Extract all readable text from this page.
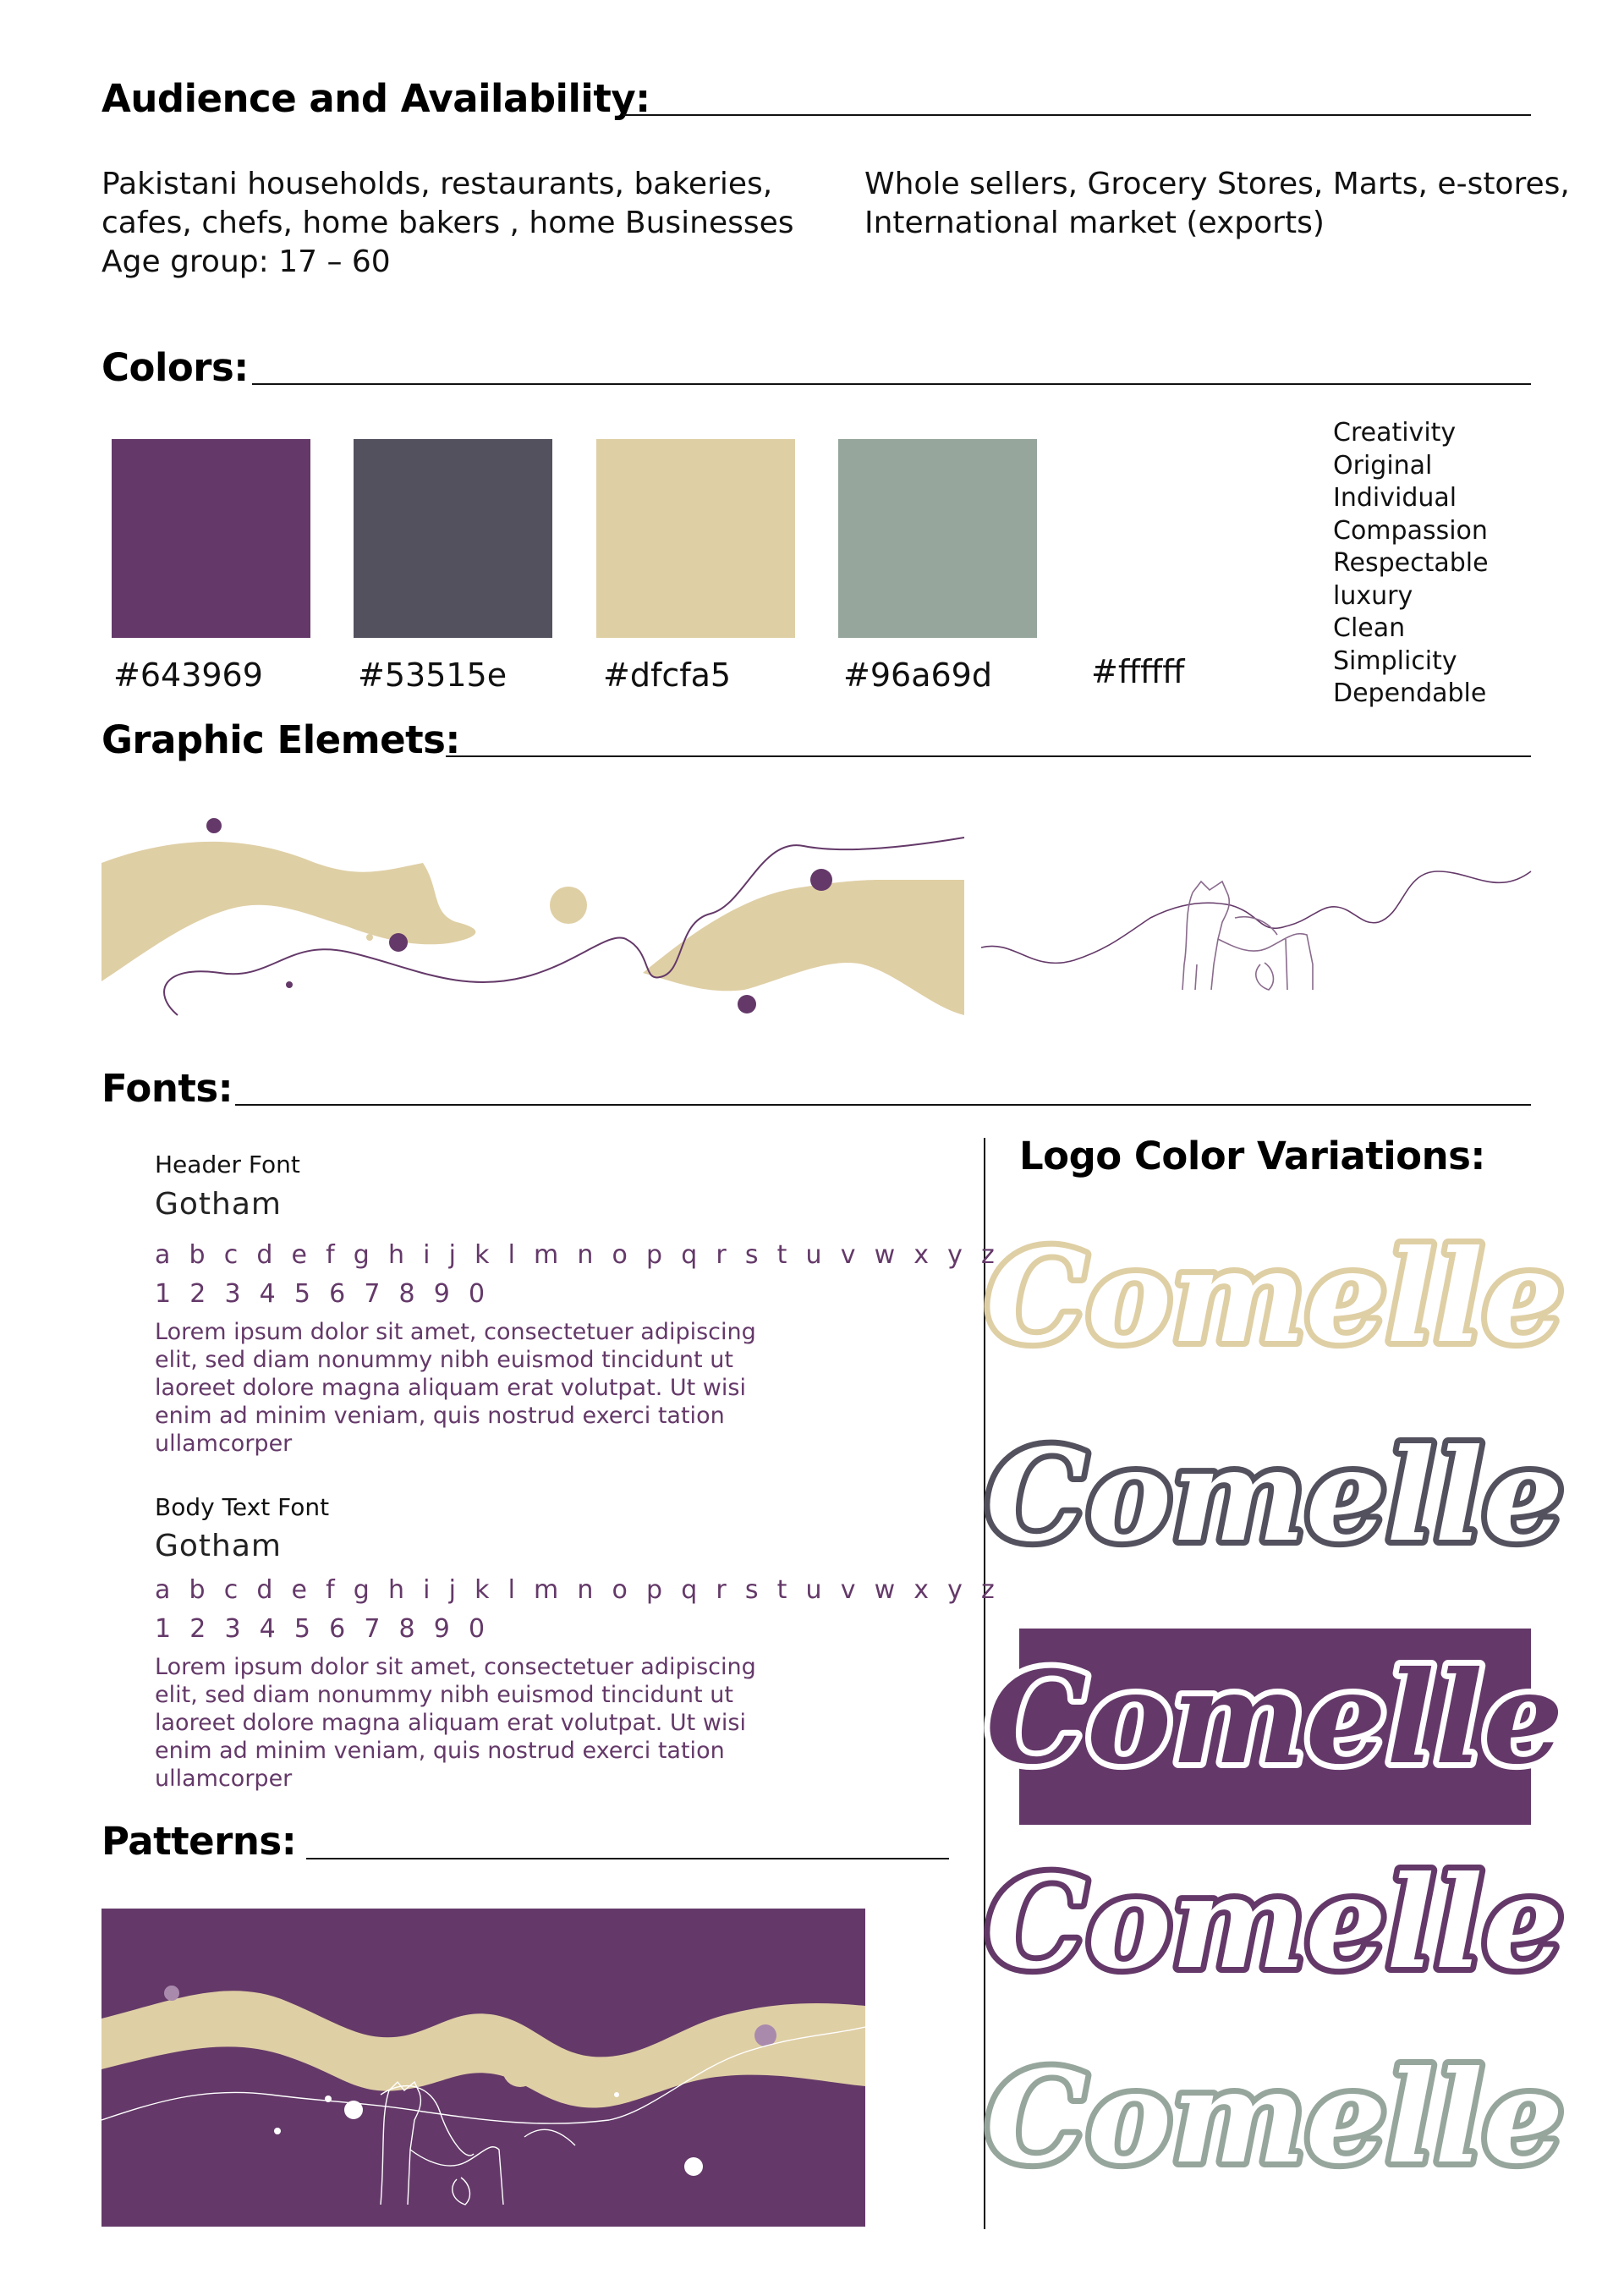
Audience and Availability:
Pakistani households, restaurants, bakeries,
cafes, chefs, home bakers , home Businesses
Age group: 17 – 60
Whole sellers, Grocery Stores, Marts, e-stores,
International market (exports)
Colors:
#643969	#53515e	#dfcfa5	#96a69d	#ffffff
Creativity
Original
Individual
Compassion
Respectable
luxury
Clean
Simplicity
Dependable
Graphic Elemets:
Fonts:
Header Font
Gotham
a b c d e f g h i j k l m n o p q r s t u v w x y z
1 2 3 4 5 6 7 8 9 0
Lorem ipsum dolor sit amet, consectetuer adipiscing
elit, sed diam nonummy nibh euismod tincidunt ut
laoreet dolore magna aliquam erat volutpat. Ut wisi
enim ad minim veniam, quis nostrud exerci tation
ullamcorper
Body Text Font
Gotham
a b c d e f g h i j k l m n o p q r s t u v w x y z
1 2 3 4 5 6 7 8 9 0
Lorem ipsum dolor sit amet, consectetuer adipiscing
elit, sed diam nonummy nibh euismod tincidunt ut
laoreet dolore magna aliquam erat volutpat. Ut wisi
enim ad minim veniam, quis nostrud exerci tation
ullamcorper
Logo Color Variations:
Comelle
Comelle
Comelle
Comelle
Comelle
Patterns:
